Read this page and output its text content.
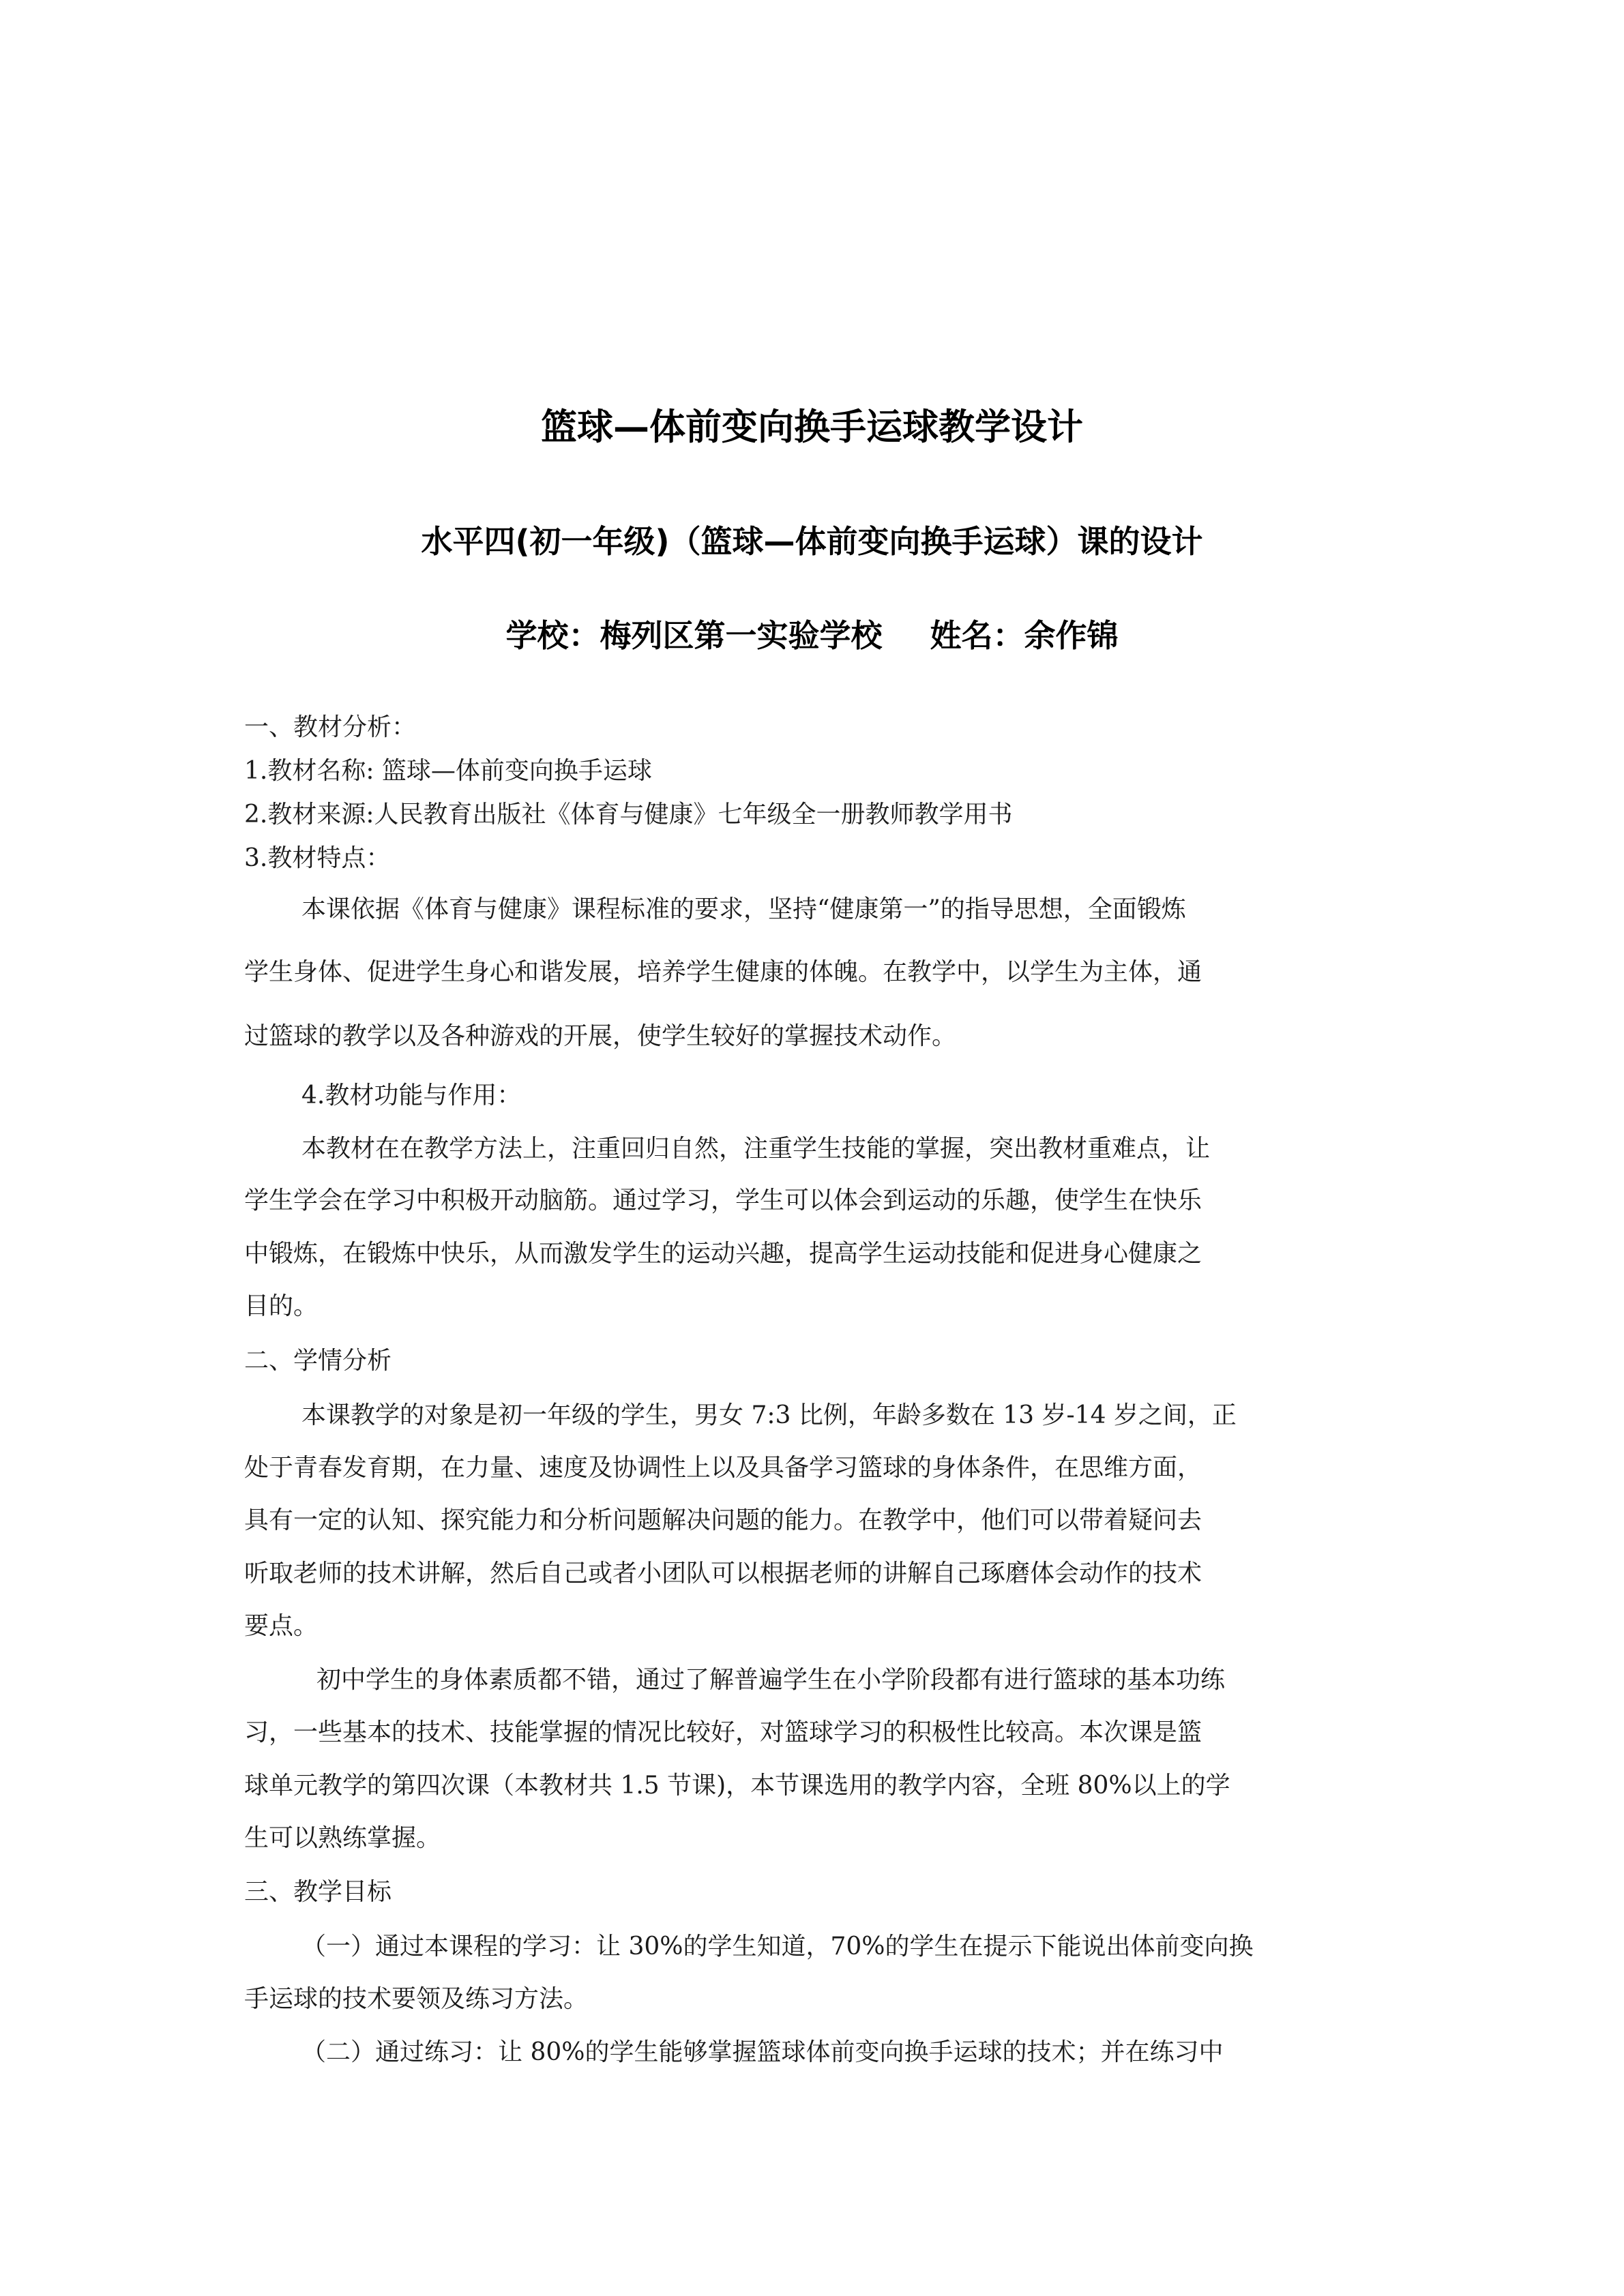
篮球—体前变向换手运球教学设计
水平四(初一年级)（篮球—体前变向换手运球）课的设计
学校：梅列区第一实验学校 姓名：余作锦
一、教材分析：
1.教材名称: 篮球—体前变向换手运球
2.教材来源:人民教育出版社《体育与健康》七年级全一册教师教学用书
3.教材特点：
本课依据《体育与健康》课程标准的要求，坚持“健康第一”的指导思想，全面锻炼
学生身体、促进学生身心和谐发展，培养学生健康的体魄。在教学中，以学生为主体，通
过篮球的教学以及各种游戏的开展，使学生较好的掌握技术动作。
4.教材功能与作用：
本教材在在教学方法上，注重回归自然，注重学生技能的掌握，突出教材重难点，让
学生学会在学习中积极开动脑筋。通过学习，学生可以体会到运动的乐趣，使学生在快乐
中锻炼，在锻炼中快乐，从而激发学生的运动兴趣，提高学生运动技能和促进身心健康之
目的。
二、学情分析
本课教学的对象是初一年级的学生，男女 7:3 比例，年龄多数在 13 岁-14 岁之间，正
处于青春发育期，在力量、速度及协调性上以及具备学习篮球的身体条件，在思维方面，
具有一定的认知、探究能力和分析问题解决问题的能力。在教学中，他们可以带着疑问去
听取老师的技术讲解，然后自己或者小团队可以根据老师的讲解自己琢磨体会动作的技术
要点。
初中学生的身体素质都不错，通过了解普遍学生在小学阶段都有进行篮球的基本功练
习，一些基本的技术、技能掌握的情况比较好，对篮球学习的积极性比较高。本次课是篮
球单元教学的第四次课（本教材共 1.5 节课)，本节课选用的教学内容，全班 80%以上的学
生可以熟练掌握。
三、教学目标
（一）通过本课程的学习：让 30%的学生知道，70%的学生在提示下能说出体前变向换
手运球的技术要领及练习方法。
（二）通过练习：让 80%的学生能够掌握篮球体前变向换手运球的技术；并在练习中
